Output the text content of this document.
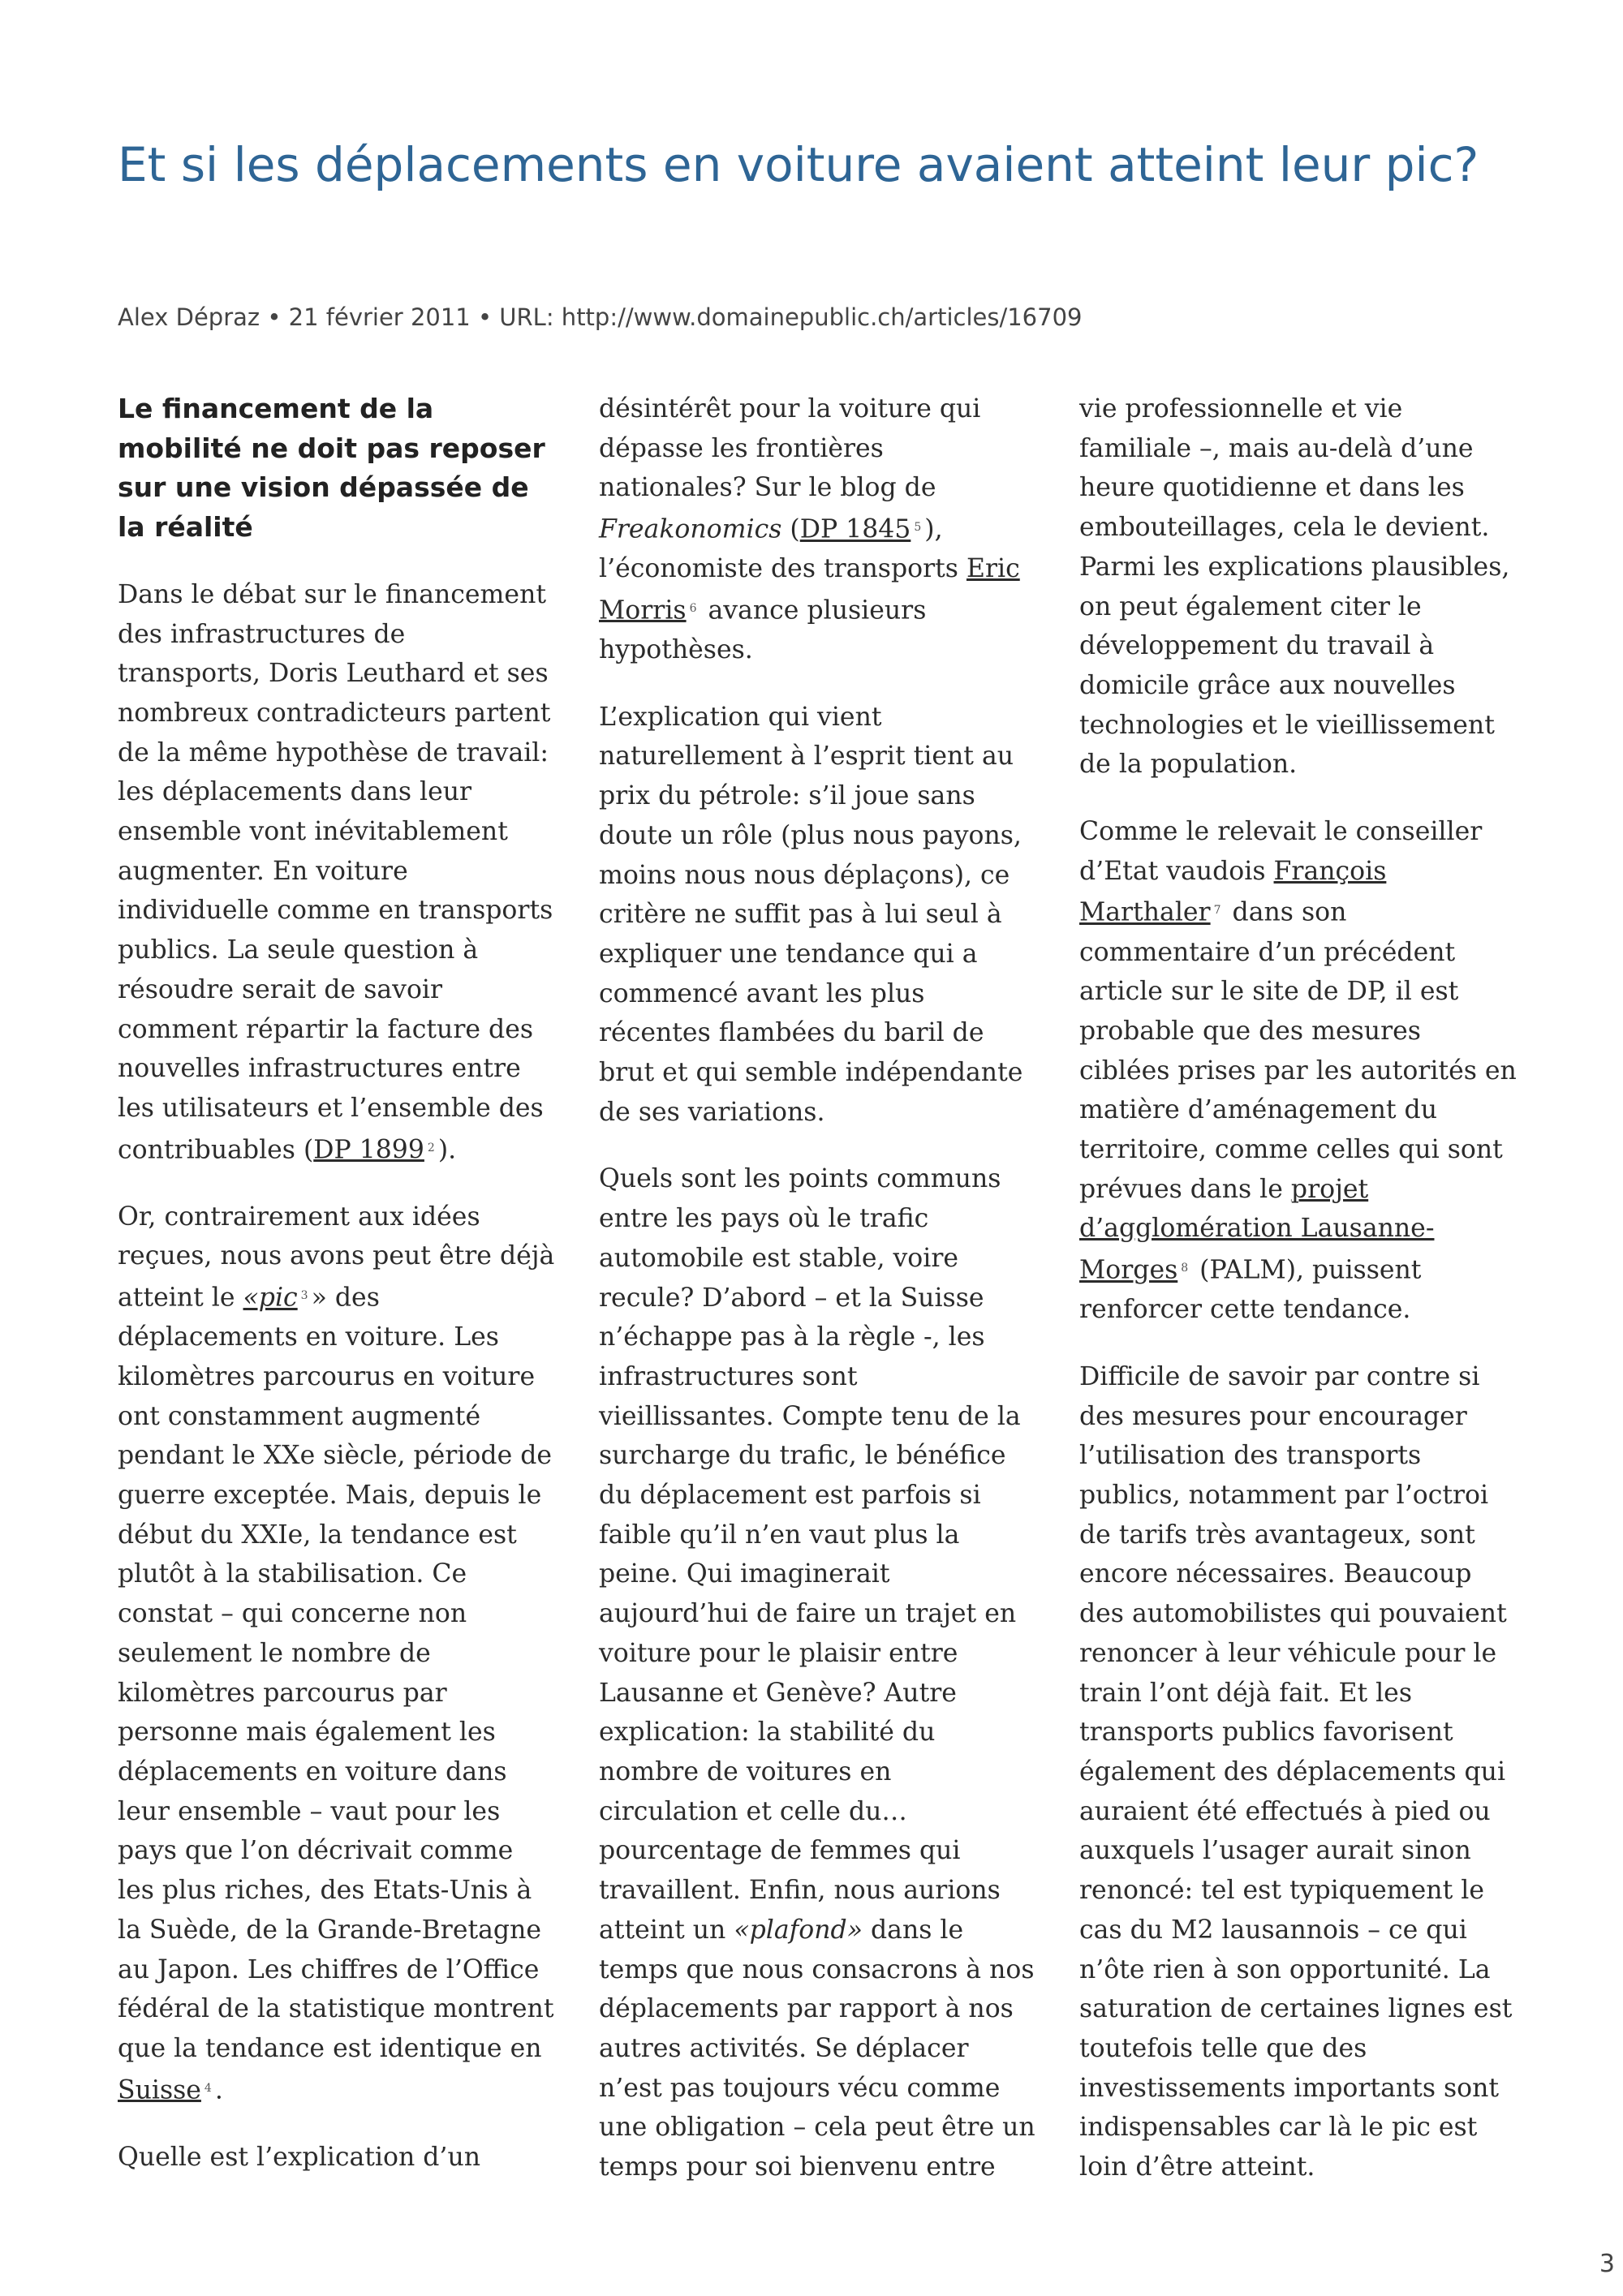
Et si les déplacements en voiture avaient atteint leur pic?
Alex Dépraz • 21 février 2011 • URL: http://www.domainepublic.ch/articles/16709
Le financement de la mobilité ne doit pas reposer sur une vision dépassée de la réalité

Dans le débat sur le financement des infrastructures de transports, Doris Leuthard et ses nombreux contradicteurs partent de la même hypothèse de travail: les déplacements dans leur ensemble vont inévitablement augmenter. En voiture individuelle comme en transports publics. La seule question à résoudre serait de savoir comment répartir la facture des nouvelles infrastructures entre les utilisateurs et l’ensemble des contribuables (DP 1899 $^2$ ).

Or, contrairement aux idées reçues, nous avons peut être déjà atteint le «pic $^3$ » des déplacements en voiture. Les kilomètres parcourus en voiture ont constamment augmenté pendant le XXe siècle, période de guerre exceptée. Mais, depuis le début du XXIe, la tendance est plutôt à la stabilisation. Ce constat – qui concerne non seulement le nombre de kilomètres parcourus par personne mais également les déplacements en voiture dans leur ensemble – vaut pour les pays que l’on décrivait comme les plus riches, des Etats-Unis à la Suède, de la Grande-Bretagne au Japon. Les chiffres de l’Office fédéral de la statistique montrent que la tendance est identique en Suisse $^4$ .

Quelle est l’explication d’un

désintérêt pour la voiture qui dépasse les frontières nationales? Sur le blog de Freakonomics (DP 1845 $^5$ ), l’économiste des transports Eric Morris $^6$ avance plusieurs hypothèses.

L’explication qui vient naturellement à l’esprit tient au prix du pétrole: s’il joue sans doute un rôle (plus nous payons, moins nous nous déplaçons), ce critère ne suffit pas à lui seul à expliquer une tendance qui a commencé avant les plus récentes flambées du baril de brut et qui semble indépendante de ses variations.

Quels sont les points communs entre les pays où le trafic automobile est stable, voire recule? D’abord – et la Suisse n’échappe pas à la règle -, les infrastructures sont vieillissantes. Compte tenu de la surcharge du trafic, le bénéfice du déplacement est parfois si faible qu’il n’en vaut plus la peine. Qui imaginerait aujourd’hui de faire un trajet en voiture pour le plaisir entre Lausanne et Genève? Autre explication: la stabilité du nombre de voitures en circulation et celle du… pourcentage de femmes qui travaillent. Enfin, nous aurions atteint un «plafond» dans le temps que nous consacrons à nos déplacements par rapport à nos autres activités. Se déplacer n’est pas toujours vécu comme une obligation – cela peut être un temps pour soi bienvenu entre

vie professionnelle et vie familiale –, mais au-delà d’une heure quotidienne et dans les embouteillages, cela le devient. Parmi les explications plausibles, on peut également citer le développement du travail à domicile grâce aux nouvelles technologies et le vieillissement de la population.

Comme le relevait le conseiller d’Etat vaudois François Marthaler $^7$ dans son commentaire d’un précédent article sur le site de DP, il est probable que des mesures ciblées prises par les autorités en matière d’aménagement du territoire, comme celles qui sont prévues dans le projet d’agglomération Lausanne-Morges $^8$ (PALM), puissent renforcer cette tendance.

Difficile de savoir par contre si des mesures pour encourager l’utilisation des transports publics, notamment par l’octroi de tarifs très avantageux, sont encore nécessaires. Beaucoup des automobilistes qui pouvaient renoncer à leur véhicule pour le train l’ont déjà fait. Et les transports publics favorisent également des déplacements qui auraient été effectués à pied ou auxquels l’usager aurait sinon renoncé: tel est typiquement le cas du M2 lausannois – ce qui n’ôte rien à son opportunité. La saturation de certaines lignes est toutefois telle que des investissements importants sont indispensables car là le pic est loin d’être atteint.

3
